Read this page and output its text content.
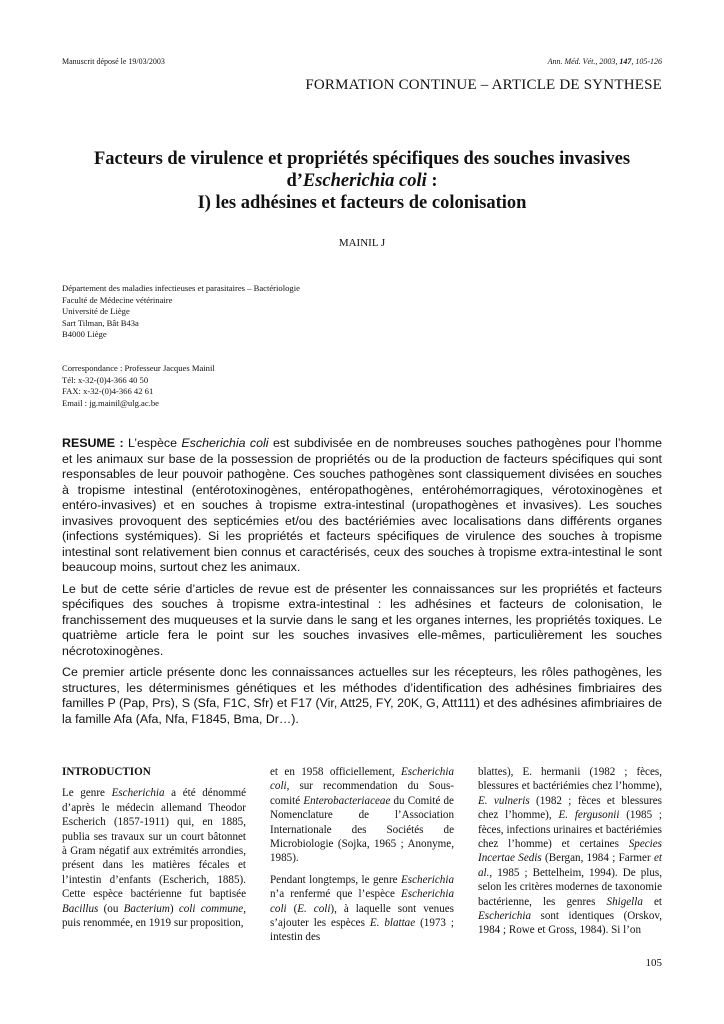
Manuscrit déposé le 19/03/2003	Ann. Méd. Vét., 2003, 147, 105-126
FORMATION CONTINUE – ARTICLE DE SYNTHESE
Facteurs de virulence et propriétés spécifiques des souches invasives
d’Escherichia coli :
I) les adhésines et facteurs de colonisation
MAINIL J
Département des maladies infectieuses et parasitaires – Bactériologie
Faculté de Médecine vétérinaire
Université de Liège
Sart Tilman, Bât B43a
B4000 Liège
Correspondance : Professeur Jacques Mainil
Tél: x-32-(0)4-366 40 50
FAX: x-32-(0)4-366 42 61
Email : jg.mainil@ulg.ac.be

RESUME : L’espèce Escherichia coli est subdivisée en de nombreuses souches pathogènes pour l’homme et les animaux sur base de la possession de propriétés ou de la production de facteurs spécifiques qui sont responsables de leur pouvoir pathogène. Ces souches pathogènes sont classiquement divisées en souches à tropisme intestinal (entérotoxinogènes, entéropathogènes, entérohémorragiques, vérotoxinogènes et entéro-invasives) et en souches à tropisme extra-intestinal (uropathogènes et invasives). Les souches invasives provoquent des septicémies et/ou des bactériémies avec localisations dans différents organes (infections systémiques). Si les propriétés et facteurs spécifiques de virulence des souches à tropisme intestinal sont relativement bien connus et caractérisés, ceux des souches à tropisme extra-intestinal le sont beaucoup moins, surtout chez les animaux.

Le but de cette série d’articles de revue est de présenter les connaissances sur les propriétés et facteurs spécifiques des souches à tropisme extra-intestinal : les adhésines et facteurs de colonisation, le franchissement des muqueuses et la survie dans le sang et les organes internes, les propriétés toxiques. Le quatrième article fera le point sur les souches invasives elle-mêmes, particulièrement les souches nécrotoxinogènes.

Ce premier article présente donc les connaissances actuelles sur les récepteurs, les rôles pathogènes, les structures, les déterminismes génétiques et les méthodes d’identification des adhésines fimbriaires des familles P (Pap, Prs), S (Sfa, F1C, Sfr) et F17 (Vir, Att25, FY, 20K, G, Att111) et des adhésines afimbriaires de la famille Afa (Afa, Nfa, F1845, Bma, Dr…).

INTRODUCTION

Le genre Escherichia a été dénommé d’après le médecin allemand Theodor Escherich (1857-1911) qui, en 1885, publia ses travaux sur un court bâtonnet à Gram négatif aux extrémités arrondies, présent dans les matières fécales et l’intestin d’enfants (Escherich, 1885). Cette espèce bactérienne fut baptisée Bacillus (ou Bacterium) coli commune, puis renommée, en 1919 sur proposition,

et en 1958 officiellement, Escherichia coli, sur recommendation du Sous-comité Enterobacteriaceae du Comité de Nomenclature de l’Association Internationale des Sociétés de Microbiologie (Sojka, 1965 ; Anonyme, 1985).

Pendant longtemps, le genre Escherichia n’a renfermé que l’espèce Escherichia coli (E. coli), à laquelle sont venues s’ajouter les espèces E. blattae (1973 ; intestin des

blattes), E. hermanii (1982 ; fèces, blessures et bactériémies chez l’homme), E. vulneris (1982 ; fèces et blessures chez l’homme), E. fergusonii (1985 ; fèces, infections urinaires et bactériémies chez l’homme) et certaines Species Incertae Sedis (Bergan, 1984 ; Farmer et al., 1985 ; Bettelheim, 1994). De plus, selon les critères modernes de taxonomie bactérienne, les genres Shigella et Escherichia sont identiques (Orskov, 1984 ; Rowe et Gross, 1984). Si l’on

105
